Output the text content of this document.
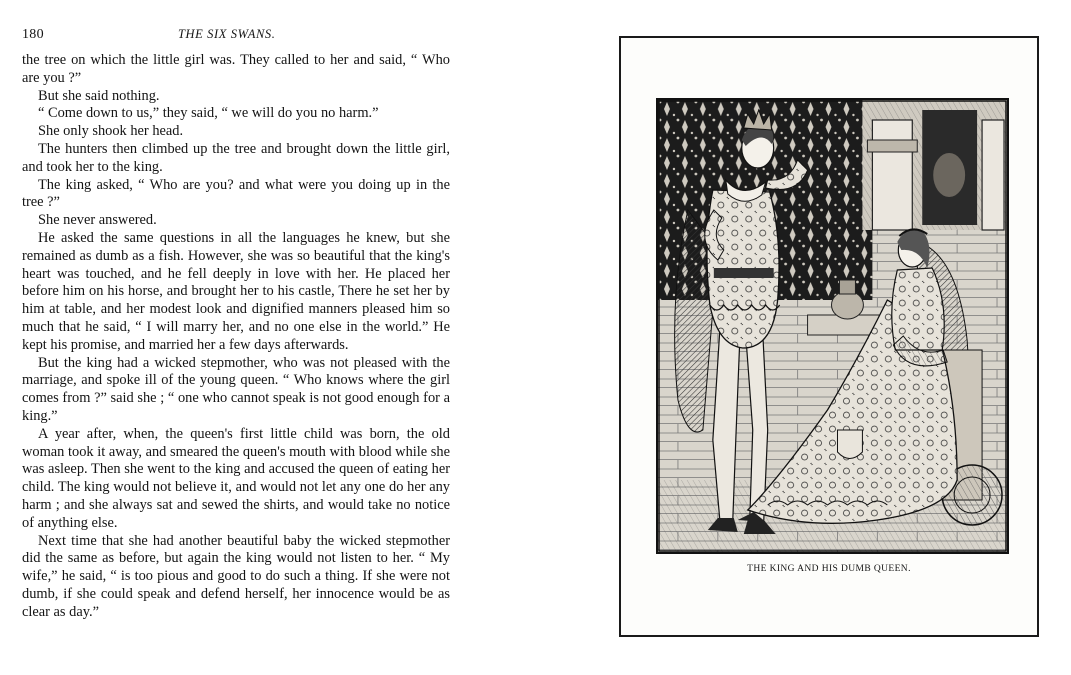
180	THE SIX SWANS.

the tree on which the little girl was. They called to her and said, “ Who are you ?”

But she said nothing.

“ Come down to us,” they said, “ we will do you no harm.”

She only shook her head.

The hunters then climbed up the tree and brought down the little girl, and took her to the king.

The king asked, “ Who are you? and what were you doing up in the tree ?”

She never answered.

He asked the same questions in all the languages he knew, but she remained as dumb as a fish. However, she was so beautiful that the king's heart was touched, and he fell deeply in love with her. He placed her before him on his horse, and brought her to his castle, There he set her by him at table, and her modest look and dignified manners pleased him so much that he said, “ I will marry her, and no one else in the world.” He kept his promise, and married her a few days afterwards.

But the king had a wicked stepmother, who was not pleased with the marriage, and spoke ill of the young queen. “ Who knows where the girl comes from ?” said she ; “ one who cannot speak is not good enough for a king.”

A year after, when, the queen's first little child was born, the old woman took it away, and smeared the queen's mouth with blood while she was asleep. Then she went to the king and accused the queen of eating her child. The king would not believe it, and would not let any one do her any harm ; and she always sat and sewed the shirts, and would take no notice of anything else.

Next time that she had another beautiful baby the wicked stepmother did the same as before, but again the king would not listen to her. “ My wife,” he said, “ is too pious and good to do such a thing. If she were not dumb, if she could speak and defend herself, her innocence would be as clear as day.”

THE KING AND HIS DUMB QUEEN.
